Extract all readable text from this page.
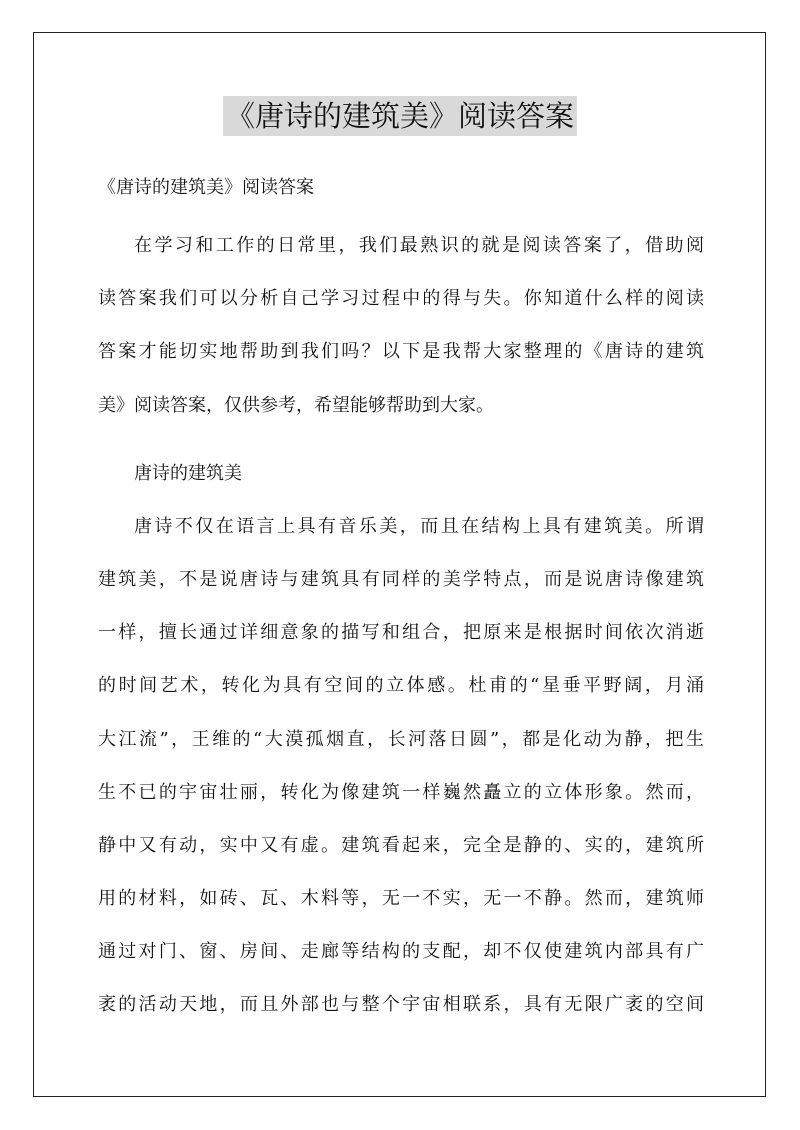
《唐诗的建筑美》阅读答案
《唐诗的建筑美》阅读答案
在学习和工作的日常里，我们最熟识的就是阅读答案了，借助阅
读答案我们可以分析自己学习过程中的得与失。你知道什么样的阅读
答案才能切实地帮助到我们吗？以下是我帮大家整理的《唐诗的建筑
美》阅读答案，仅供参考，希望能够帮助到大家。
唐诗的建筑美
唐诗不仅在语言上具有音乐美，而且在结构上具有建筑美。所谓
建筑美，不是说唐诗与建筑具有同样的美学特点，而是说唐诗像建筑
一样，擅长通过详细意象的描写和组合，把原来是根据时间依次消逝
的时间艺术，转化为具有空间的立体感。杜甫的“星垂平野阔，月涌
大江流”，王维的“大漠孤烟直，长河落日圆”，都是化动为静，把生
生不已的宇宙壮丽，转化为像建筑一样巍然矗立的立体形象。然而，
静中又有动，实中又有虚。建筑看起来，完全是静的、实的，建筑所
用的材料，如砖、瓦、木料等，无一不实，无一不静。然而，建筑师
通过对门、窗、房间、走廊等结构的支配，却不仅使建筑内部具有广
袤的活动天地，而且外部也与整个宇宙相联系，具有无限广袤的空间
